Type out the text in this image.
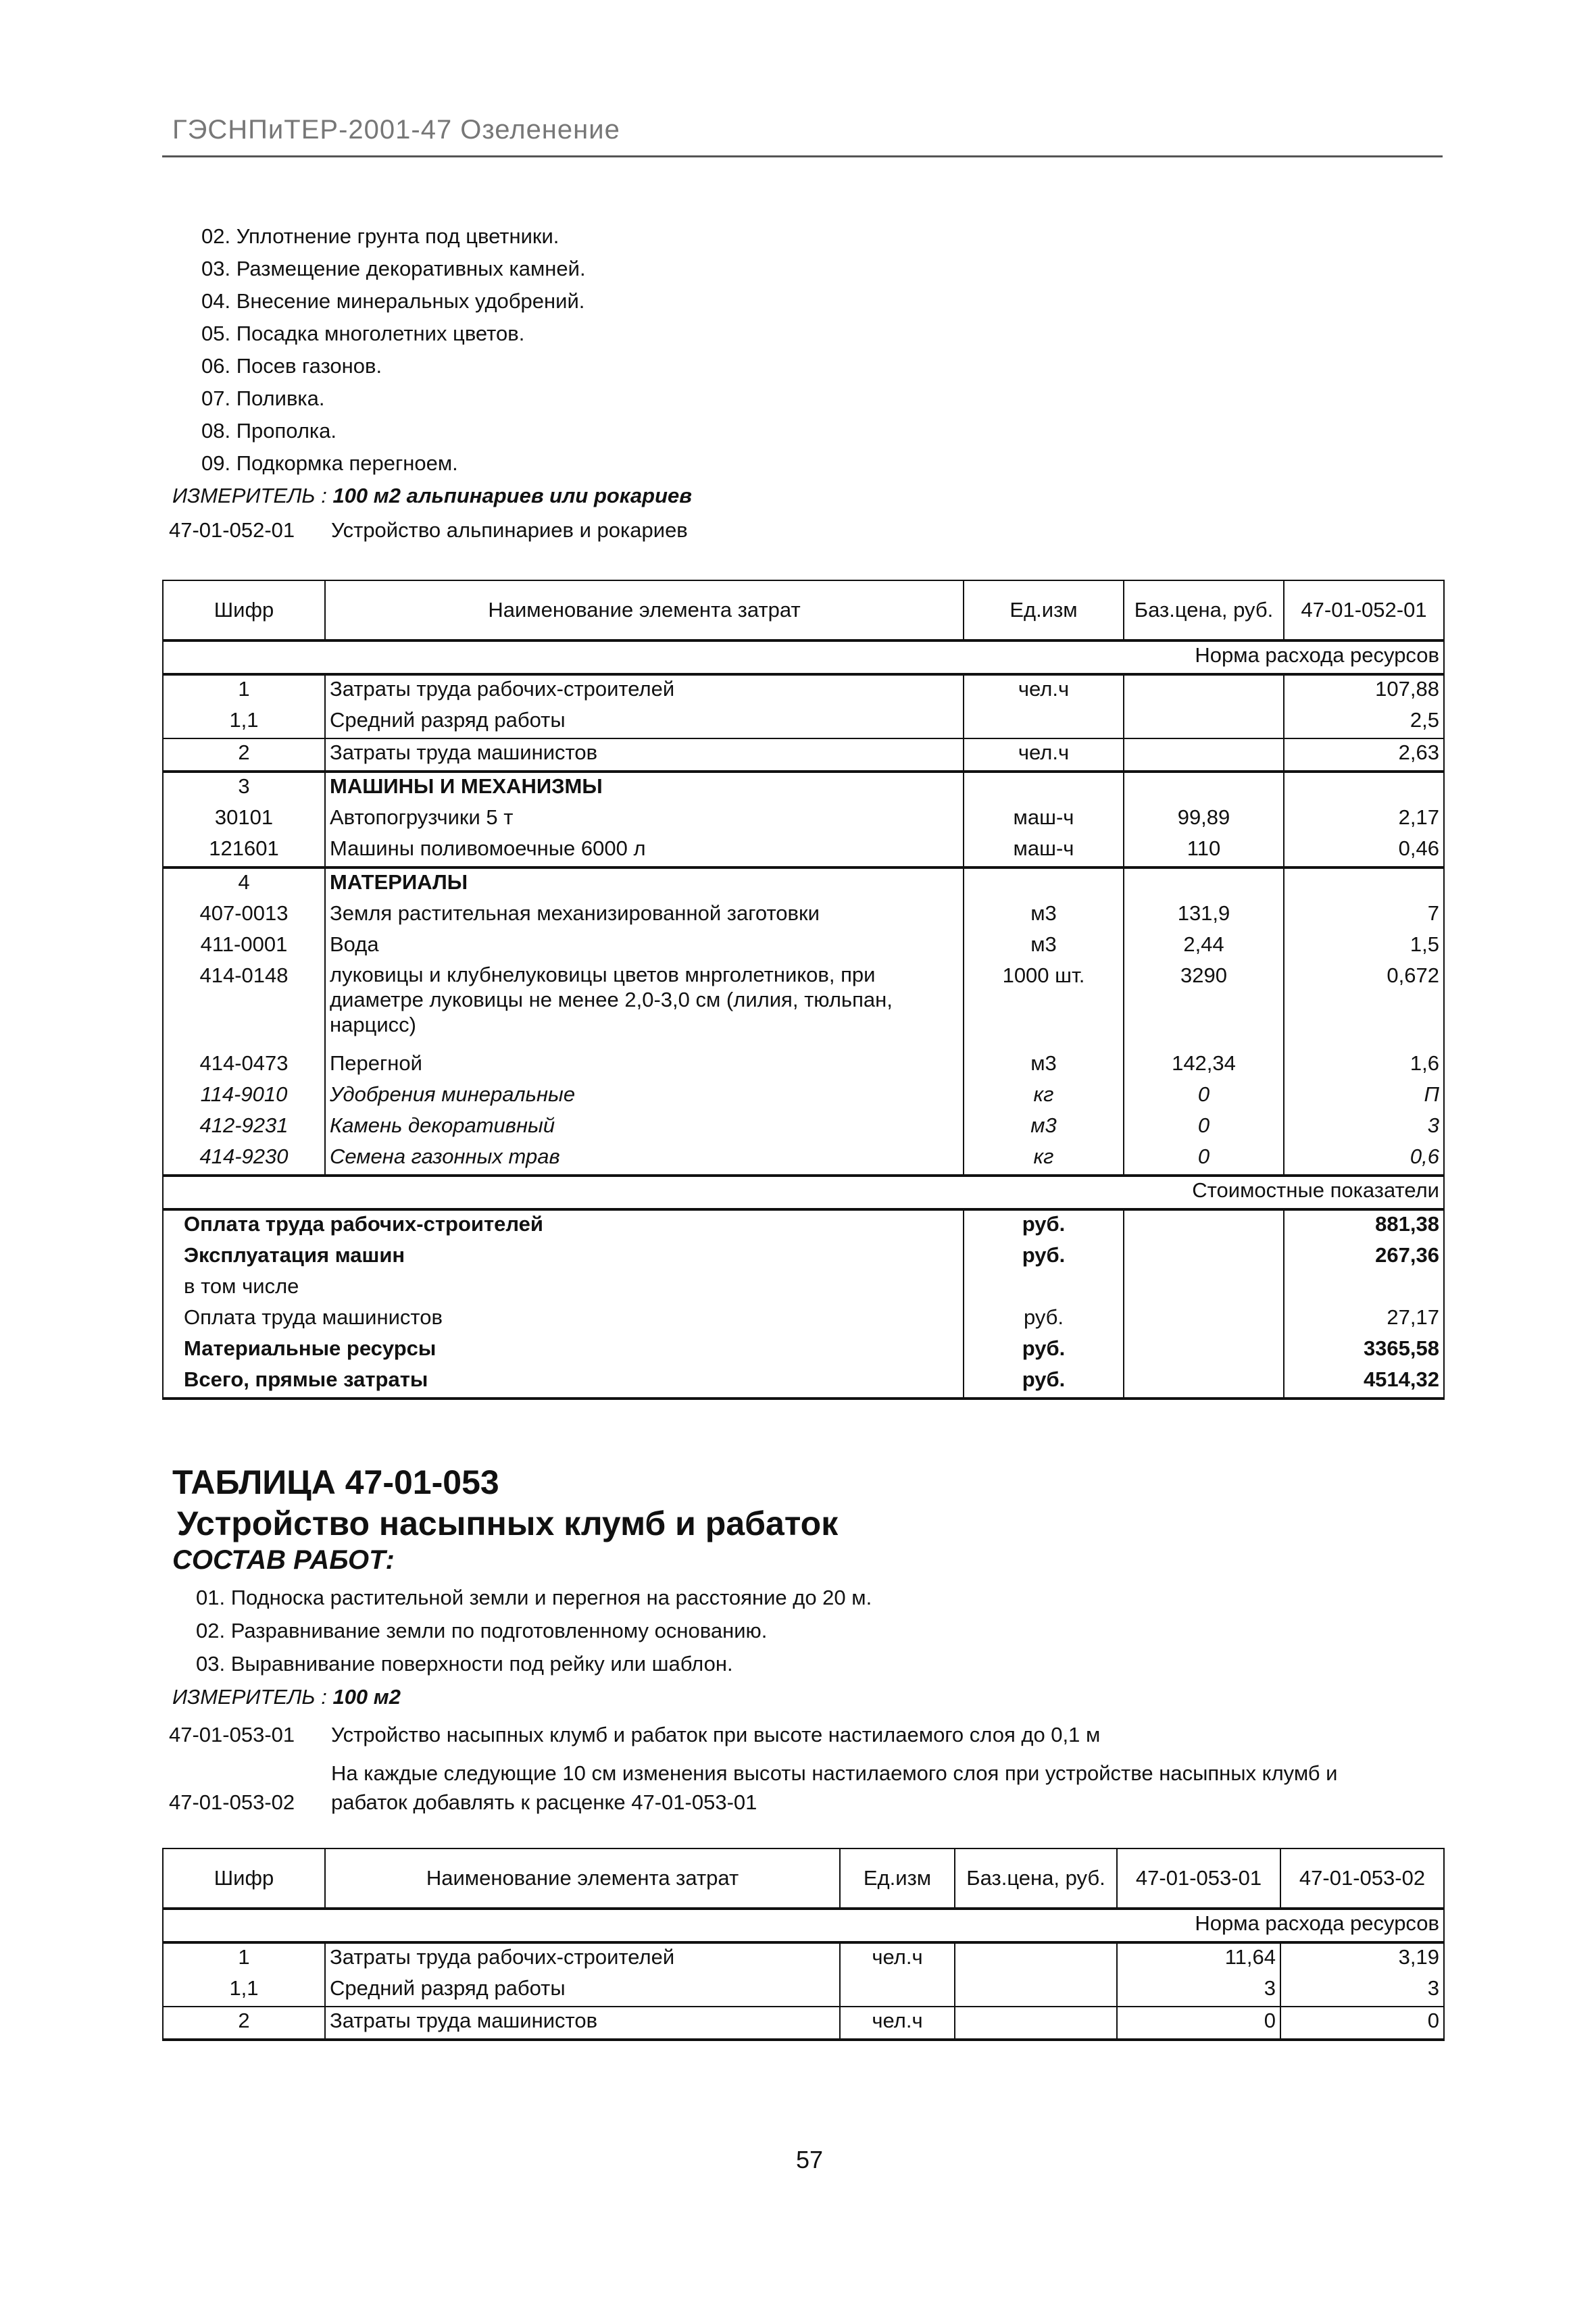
ГЭСНПиТЕР-2001-47 Озеленение
02. Уплотнение грунта под цветники.
03. Размещение декоративных камней.
04. Внесение минеральных удобрений.
05. Посадка многолетних цветов.
06. Посев газонов.
07. Поливка.
08. Прополка.
09. Подкормка перегноем.
ИЗМЕРИТЕЛЬ : 100 м2 альпинариев или рокариев
47-01-052-01 Устройство альпинариев и рокариев
Шифр	Наименование элемента затрат	Ед.изм	Баз.цена, руб.	47-01-052-01
Норма расхода ресурсов				
1	Затраты труда рабочих-строителей	чел.ч		107,88
1,1	Средний разряд работы			2,5
2	Затраты труда машинистов	чел.ч		2,63
3	МАШИНЫ И МЕХАНИЗМЫ			
30101	Автопогрузчики 5 т	маш-ч	99,89	2,17
121601	Машины поливомоечные 6000 л	маш-ч	110	0,46
4	МАТЕРИАЛЫ			
407-0013	Земля растительная механизированной заготовки	м3	131,9	7
411-0001	Вода	м3	2,44	1,5
414-0148	луковицы и клубнелуковицы цветов мнрголетников, при диаметре луковицы не менее 2,0-3,0 см (лилия, тюльпан, нарцисс)	1000 шт.	3290	0,672
414-0473	Перегной	м3	142,34	1,6
114-9010	Удобрения минеральные	кг	0	П
412-9231	Камень декоративный	м3	0	3
414-9230	Семена газонных трав	кг	0	0,6
Стоимостные показатели				
Оплата труда рабочих-строителей		руб.		881,38
Эксплуатация машин		руб.		267,36
в том числе				
Оплата труда машинистов		руб.		27,17
Материальные ресурсы		руб.		3365,58
Всего, прямые затраты		руб.		4514,32
ТАБЛИЦА 47-01-053
Устройство насыпных клумб и рабаток
СОСТАВ РАБОТ:
01. Подноска растительной земли и перегноя на расстояние до 20 м.
02. Разравнивание земли по подготовленному основанию.
03. Выравнивание поверхности под рейку или шаблон.
ИЗМЕРИТЕЛЬ : 100 м2
47-01-053-01 Устройство насыпных клумб и рабаток при высоте настилаемого слоя до 0,1 м
На каждые следующие 10 см изменения высоты настилаемого слоя при устройстве насыпных клумб и
47-01-053-02 рабаток добавлять к расценке 47-01-053-01
Шифр	Наименование элемента затрат	Ед.изм	Баз.цена, руб.	47-01-053-01	47-01-053-02
Норма расхода ресурсов					
1	Затраты труда рабочих-строителей	чел.ч		11,64	3,19
1,1	Средний разряд работы			3	3
2	Затраты труда машинистов	чел.ч		0	0
57
